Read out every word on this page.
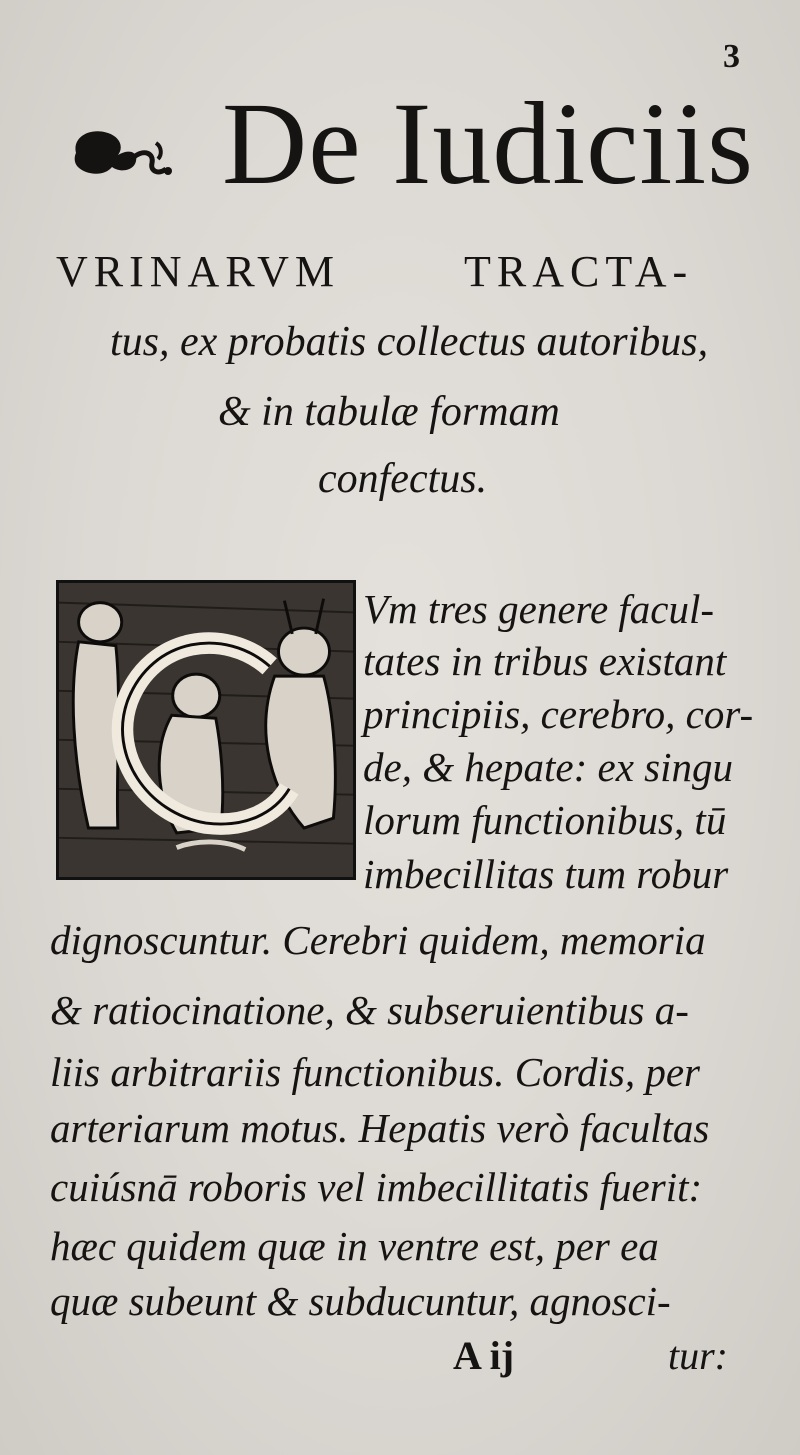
3
De Iudiciis
VRINARVM	TRACTA-
tus, ex probatis collectus autoribus,
& in tabulæ formam
confectus.
Vm tres genere facul-
tates in tribus existant
principiis, cerebro, cor-
de, & hepate: ex singu
lorum functionibus, tū
imbecillitas tum robur
dignoscuntur. Cerebri quidem, memoria
& ratiocinatione, & subseruientibus a-
liis arbitrariis functionibus. Cordis, per
arteriarum motus. Hepatis verò facultas
cuiúsnā roboris vel imbecillitatis fuerit:
hæc quidem quæ in ventre est, per ea
quæ subeunt & subducuntur, agnosci-
A ij	tur:
